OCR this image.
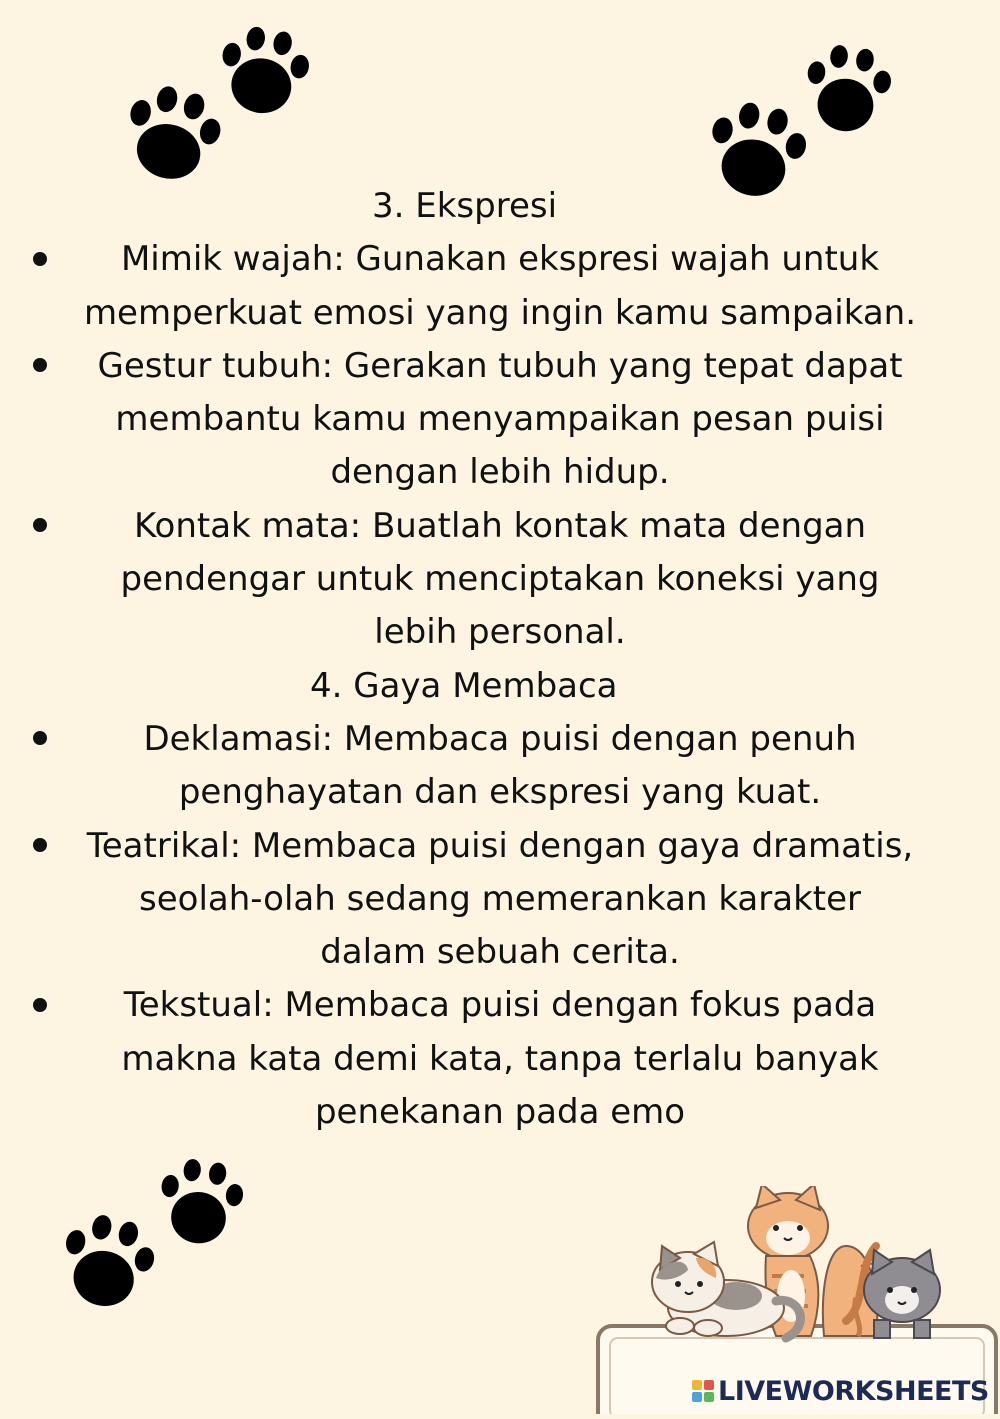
3. Ekspresi
Mimik wajah: Gunakan ekspresi wajah untuk
memperkuat emosi yang ingin kamu sampaikan.
Gestur tubuh: Gerakan tubuh yang tepat dapat
membantu kamu menyampaikan pesan puisi
dengan lebih hidup.
Kontak mata: Buatlah kontak mata dengan
pendengar untuk menciptakan koneksi yang
lebih personal.
4. Gaya Membaca
Deklamasi: Membaca puisi dengan penuh
penghayatan dan ekspresi yang kuat.
Teatrikal: Membaca puisi dengan gaya dramatis,
seolah-olah sedang memerankan karakter
dalam sebuah cerita.
Tekstual: Membaca puisi dengan fokus pada
makna kata demi kata, tanpa terlalu banyak
penekanan pada emo
LIVEWORKSHEETS
